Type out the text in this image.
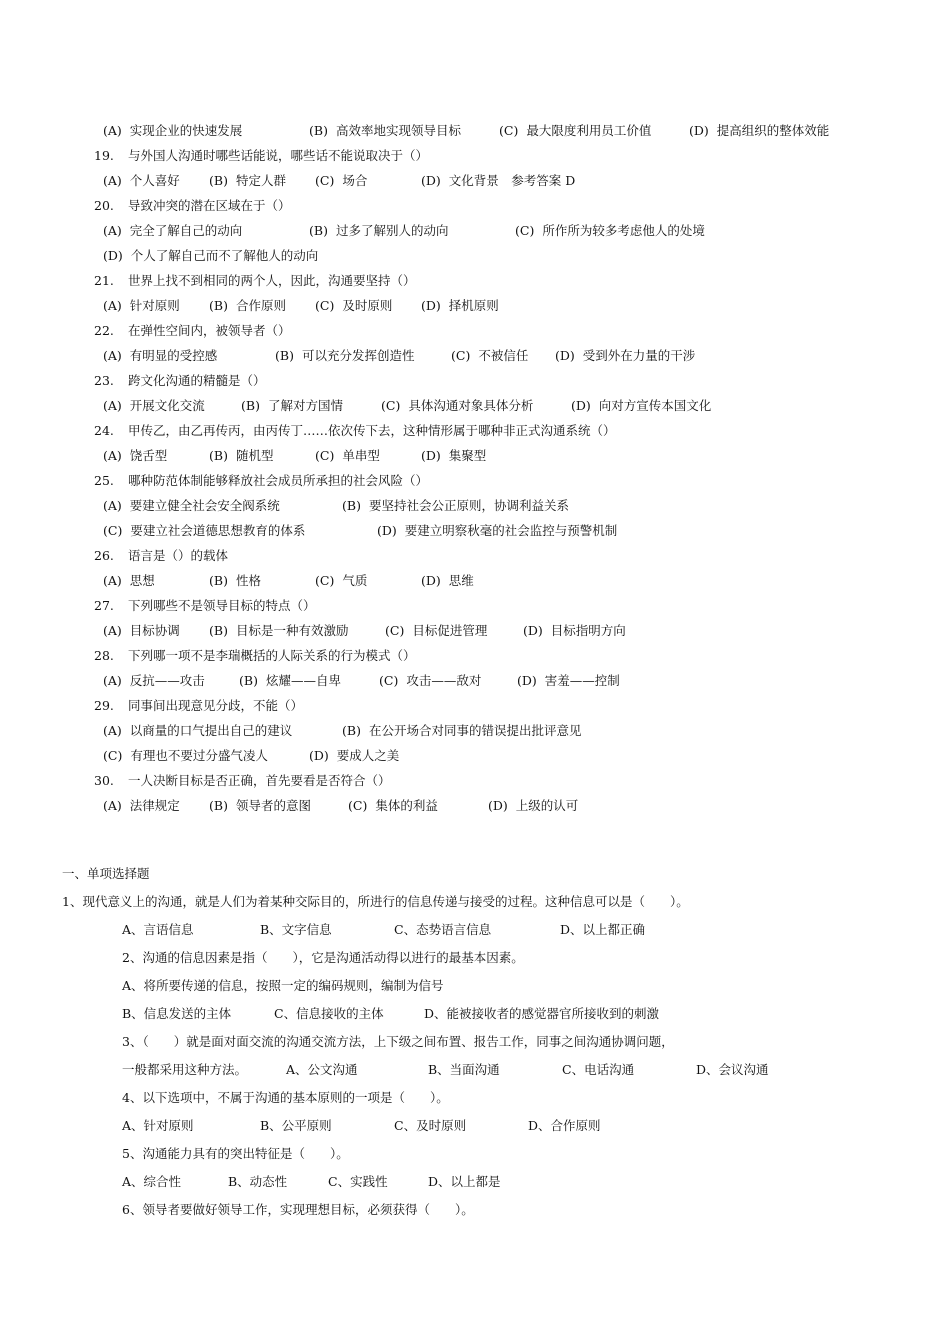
(A) 实现企业的快速发展	(B) 高效率地实现领导目标	(C) 最大限度利用员工价值	(D) 提高组织的整体效能
19. 与外国人沟通时哪些话能说，哪些话不能说取决于（）
(A) 个人喜好 (B) 特定人群 (C) 场合	(D) 文化背景　参考答案 D
20. 导致冲突的潜在区域在于（）
(A) 完全了解自己的动向	(B) 过多了解别人的动向	(C) 所作所为较多考虑他人的处境
(D) 个人了解自己而不了解他人的动向
21. 世界上找不到相同的两个人，因此，沟通要坚持（）
(A) 针对原则 (B) 合作原则 (C) 及时原则 (D) 择机原则
22. 在弹性空间内，被领导者（）
(A) 有明显的受控感	(B) 可以充分发挥创造性	(C) 不被信任 (D) 受到外在力量的干涉
23. 跨文化沟通的精髓是（）
(A) 开展文化交流	(B) 了解对方国情	(C) 具体沟通对象具体分析	(D) 向对方宣传本国文化
24. 甲传乙，由乙再传丙，由丙传丁……依次传下去，这种情形属于哪种非正式沟通系统（）
(A) 饶舌型	(B) 随机型	(C) 单串型	(D) 集聚型
25. 哪种防范体制能够释放社会成员所承担的社会风险（）
(A) 要建立健全社会安全阀系统	(B) 要坚持社会公正原则，协调利益关系
(C) 要建立社会道德思想教育的体系	(D) 要建立明察秋毫的社会监控与预警机制
26. 语言是（）的载体
(A) 思想	(B) 性格	(C) 气质	(D) 思维
27. 下列哪些不是领导目标的特点（）
(A) 目标协调 (B) 目标是一种有效激励	(C) 目标促进管理	(D) 目标指明方向
28. 下列哪一项不是李瑞概括的人际关系的行为模式（）
(A) 反抗——攻击	(B) 炫耀——自卑	(C) 攻击——敌对	(D) 害羞——控制
29. 同事间出现意见分歧，不能（）
(A) 以商量的口气提出自己的建议	(B) 在公开场合对同事的错误提出批评意见
(C) 有理也不要过分盛气凌人	(D) 要成人之美
30. 一人决断目标是否正确，首先要看是否符合（）
(A) 法律规定 (B) 领导者的意图	(C) 集体的利益	(D) 上级的认可
一、单项选择题
1、现代意义上的沟通，就是人们为着某种交际目的，所进行的信息传递与接受的过程。这种信息可以是（　　）。
A、言语信息	B、文字信息	C、态势语言信息	D、以上都正确
2、沟通的信息因素是指（　　），它是沟通活动得以进行的最基本因素。
A、将所要传递的信息，按照一定的编码规则，编制为信号
B、信息发送的主体	C、信息接收的主体	D、能被接收者的感觉器官所接收到的刺激
3、（　　）就是面对面交流的沟通交流方法，上下级之间布置、报告工作，同事之间沟通协调问题，
一般都采用这种方法。	A、公文沟通	B、当面沟通	C、电话沟通	D、会议沟通
4、以下选项中，不属于沟通的基本原则的一项是（　　）。
A、针对原则	B、公平原则	C、及时原则	D、合作原则
5、沟通能力具有的突出特征是（　　）。
A、综合性	B、动态性	C、实践性	D、以上都是
6、领导者要做好领导工作，实现理想目标，必须获得（　　）。
